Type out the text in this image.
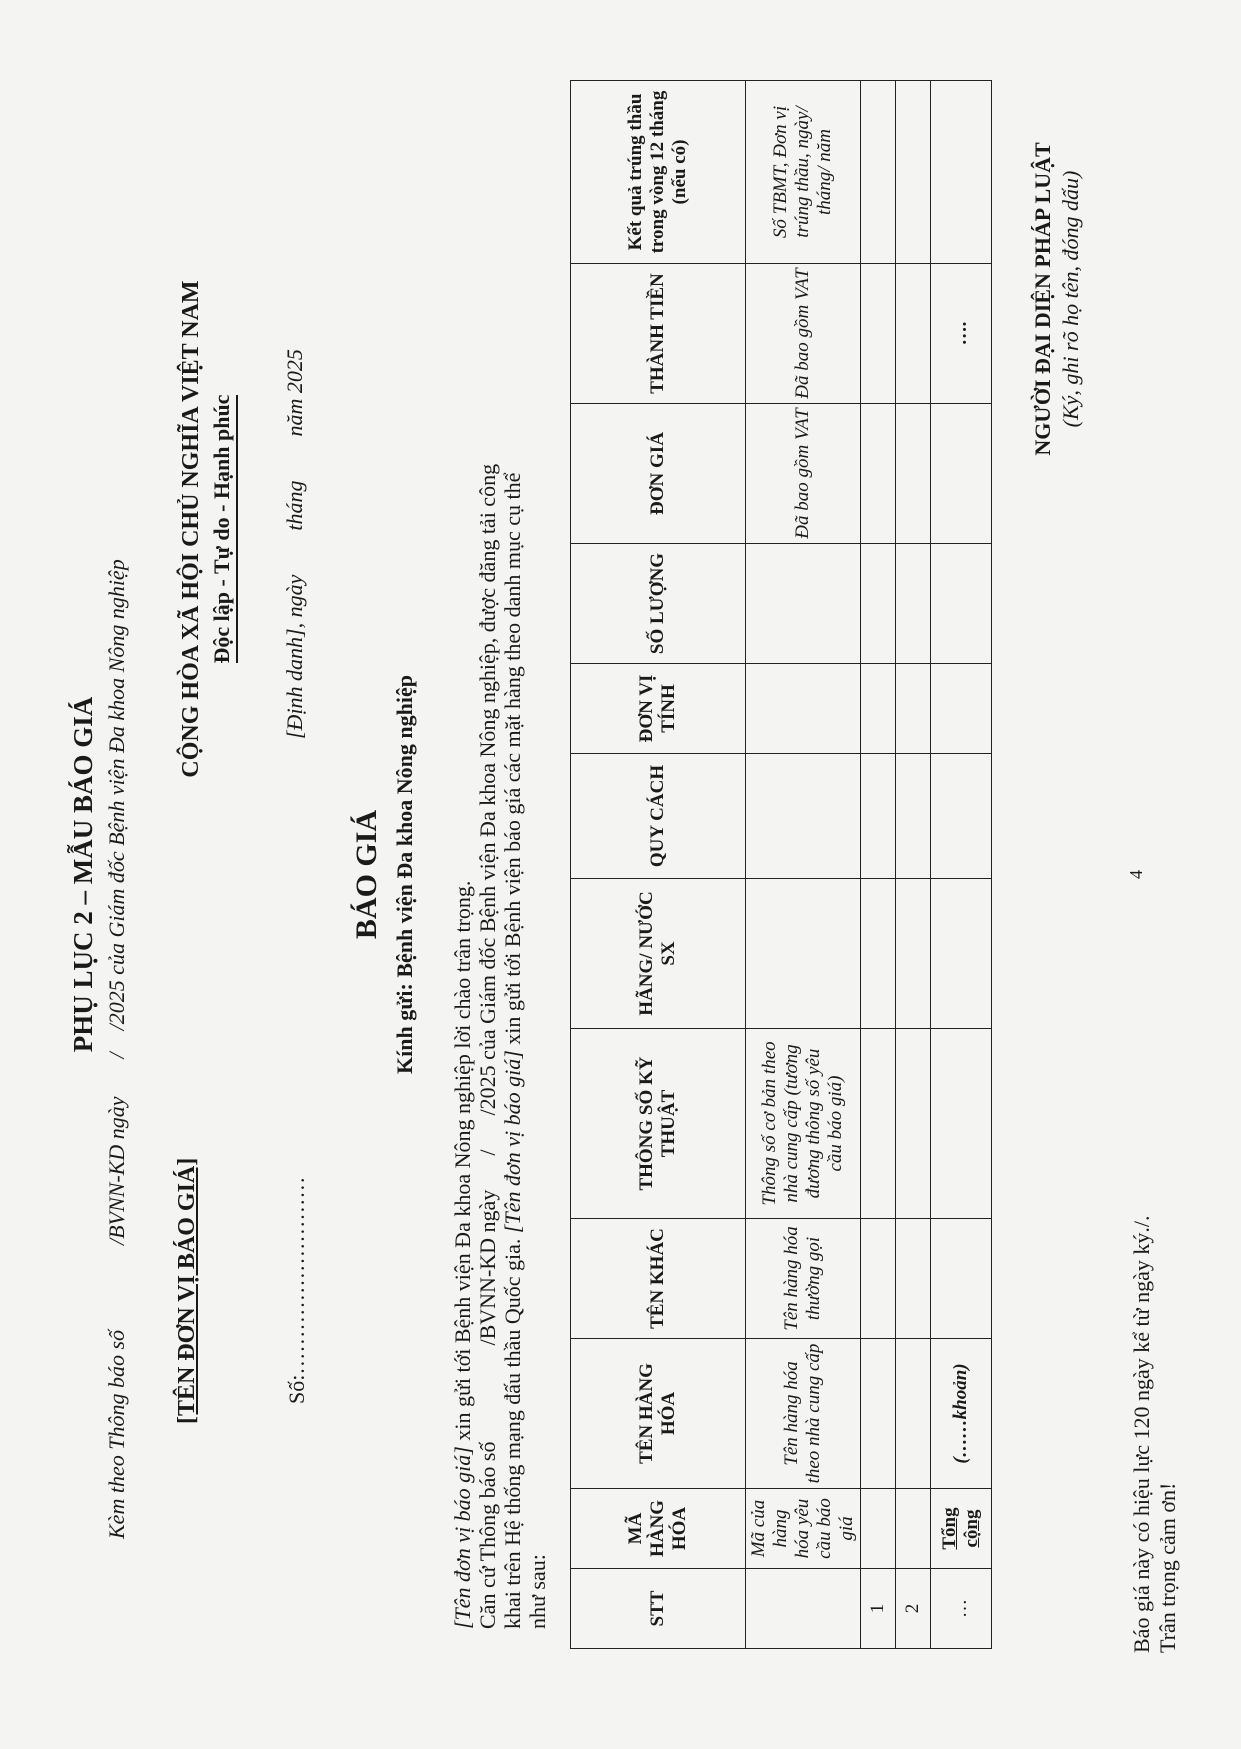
PHỤ LỤC 2 – MẪU BÁO GIÁ
Kèm theo Thông báo số/BVNN-KD ngày//2025 của Giám đốc Bệnh viện Đa khoa Nông nghiệp
[TÊN ĐƠN VỊ BÁO GIÁ]
CỘNG HÒA XÃ HỘI CHỦ NGHĨA VIỆT NAM Độc lập - Tự do - Hạnh phúc
Số:………………………
[Định danh], ngàythángnăm 2025
BÁO GIÁ Kính gửi: Bệnh viện Đa khoa Nông nghiệp
[Tên đơn vị báo giá] xin gửi tới Bệnh viện Đa khoa Nông nghiệp lời chào trân trọng.
Căn cứ Thông báo số/BVNN-KD ngày//2025 của Giám đốc Bệnh viện Đa khoa Nông nghiệp, được đăng tải công
khai trên Hệ thống mạng đấu thầu Quốc gia. [Tên đơn vị báo giá] xin gửi tới Bệnh viện báo giá các mặt hàng theo danh mục cụ thể
như sau:	STT	MÃ HÀNG HÓA	TÊN HÀNG HÓA	TÊN KHÁC	THÔNG SỐ KỸ THUẬT	HÃNG/ NƯỚC SX	QUY CÁCH	ĐƠN VỊ TÍNH	SỐ LƯỢNG	ĐƠN GIÁ	THÀNH TIỀN	Kết quả trúng thầu trong vòng 12 tháng (nếu có)
	Mã của hàng hóa yêu cầu báo giá	Tên hàng hóa theo nhà cung cấp	Tên hàng hóa thường gọi	Thông số cơ bản theo nhà cung cấp (tương đương thông số yêu cầu báo giá)					Đã bao gồm VAT	Đã bao gồm VAT	Số TBMT, Đơn vị trúng thầu, ngày/ tháng/ năm
1											
2											
…	Tổng cộng	(……khoản)								….	
Báo giá này có hiệu lực 120 ngày kể từ ngày ký./. Trân trọng cảm ơn!
NGƯỜI ĐẠI DIỆN PHÁP LUẬT (Ký, ghi rõ họ tên, đóng dấu)
4
